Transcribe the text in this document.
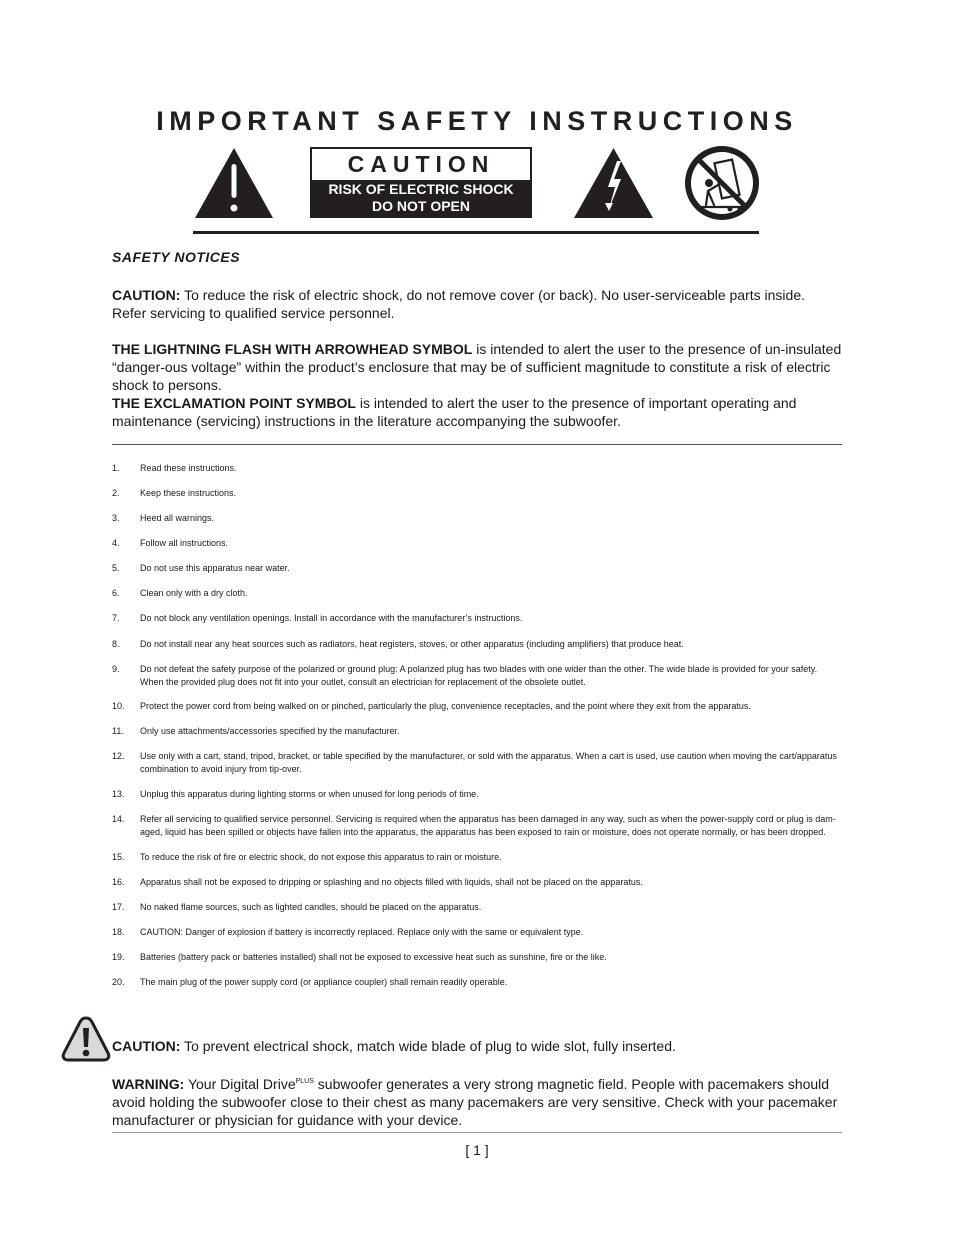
IMPORTANT SAFETY INSTRUCTIONS
CAUTION
RISK OF ELECTRIC SHOCK
DO NOT OPEN
SAFETY NOTICES
CAUTION: To reduce the risk of electric shock, do not remove cover (or back). No user-serviceable parts inside. Refer servicing to qualified service personnel.
THE LIGHTNING FLASH WITH ARROWHEAD SYMBOL is intended to alert the user to the presence of un-insulated “danger-ous voltage” within the product’s enclosure that may be of sufficient magnitude to constitute a risk of electric shock to persons.
THE EXCLAMATION POINT SYMBOL is intended to alert the user to the presence of important operating and maintenance (servicing) instructions in the literature accompanying the subwoofer.
1. Read these instructions.
2. Keep these instructions.
3. Heed all warnings.
4. Follow all instructions.
5. Do not use this apparatus near water.
6. Clean only with a dry cloth.
7. Do not block any ventilation openings. Install in accordance with the manufacturer’s instructions.
8. Do not install near any heat sources such as radiators, heat registers, stoves, or other apparatus (including amplifiers) that produce heat.
9. Do not defeat the safety purpose of the polarized or ground plug: A polarized plug has two blades with one wider than the other. The wide blade is provided for your safety. When the provided plug does not fit into your outlet, consult an electrician for replacement of the obsolete outlet.
10. Protect the power cord from being walked on or pinched, particularly the plug, convenience receptacles, and the point where they exit from the apparatus.
11. Only use attachments/accessories specified by the manufacturer.
12. Use only with a cart, stand, tripod, bracket, or table specified by the manufacturer, or sold with the apparatus. When a cart is used, use caution when moving the cart/apparatus combination to avoid injury from tip-over.
13. Unplug this apparatus during lighting storms or when unused for long periods of time.
14. Refer all servicing to qualified service personnel. Servicing is required when the apparatus has been damaged in any way, such as when the power-supply cord or plug is dam-aged, liquid has been spilled or objects have fallen into the apparatus, the apparatus has been exposed to rain or moisture, does not operate normally, or has been dropped.
15. To reduce the risk of fire or electric shock, do not expose this apparatus to rain or moisture.
16. Apparatus shall not be exposed to dripping or splashing and no objects filled with liquids, shall not be placed on the apparatus.
17. No naked flame sources, such as lighted candles, should be placed on the apparatus.
18. CAUTION: Danger of explosion if battery is incorrectly replaced. Replace only with the same or equivalent type.
19. Batteries (battery pack or batteries installed) shall not be exposed to excessive heat such as sunshine, fire or the like.
20. The main plug of the power supply cord (or appliance coupler) shall remain readily operable.
CAUTION: To prevent electrical shock, match wide blade of plug to wide slot, fully inserted.
WARNING: Your Digital Drive$^{PLUS}$ subwoofer generates a very strong magnetic field. People with pacemakers should avoid holding the subwoofer close to their chest as many pacemakers are very sensitive. Check with your pacemaker manufacturer or physician for guidance with your device.
[ 1 ]
